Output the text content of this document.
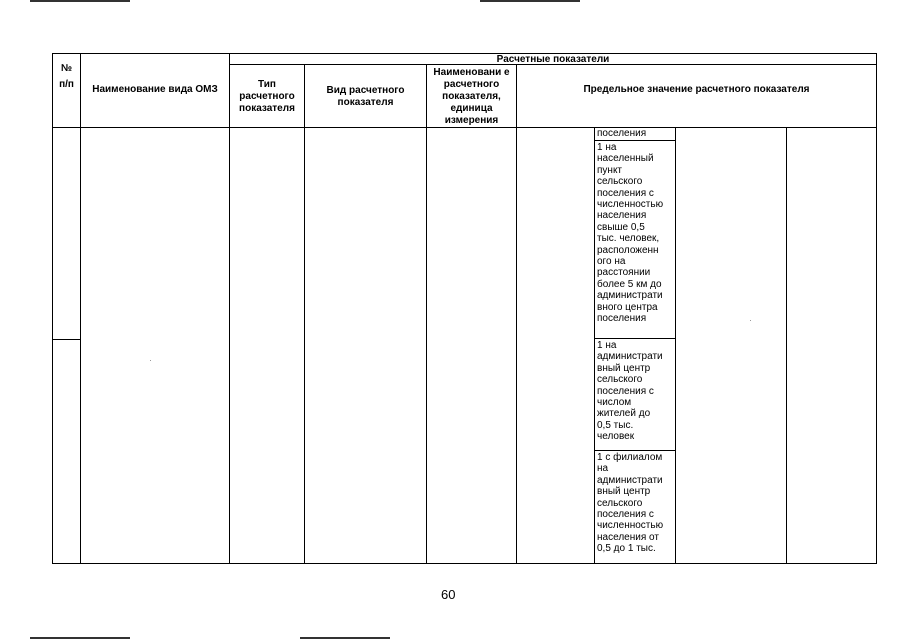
№
п/п	Наименование вида ОМЗ
Расчетные показатели
Тип расчетного показателя
Вид расчетного показателя
Наименовани е расчетного показателя, единица измерения
Предельное значение расчетного показателя
поселения
1 на
населенный
пункт
сельского
поселения с
численностью
населения
свыше 0,5
тыс. человек,
расположенн
ого на
расстоянии
более 5 км до
администрати
вного центра
поселения
1 на
администрати
вный центр
сельского
поселения с
числом
жителей до
0,5 тыс.
человек
1 с филиалом
на
администрати
вный центр
сельского
поселения с
численностью
населения от
0,5 до 1 тыс.
60
